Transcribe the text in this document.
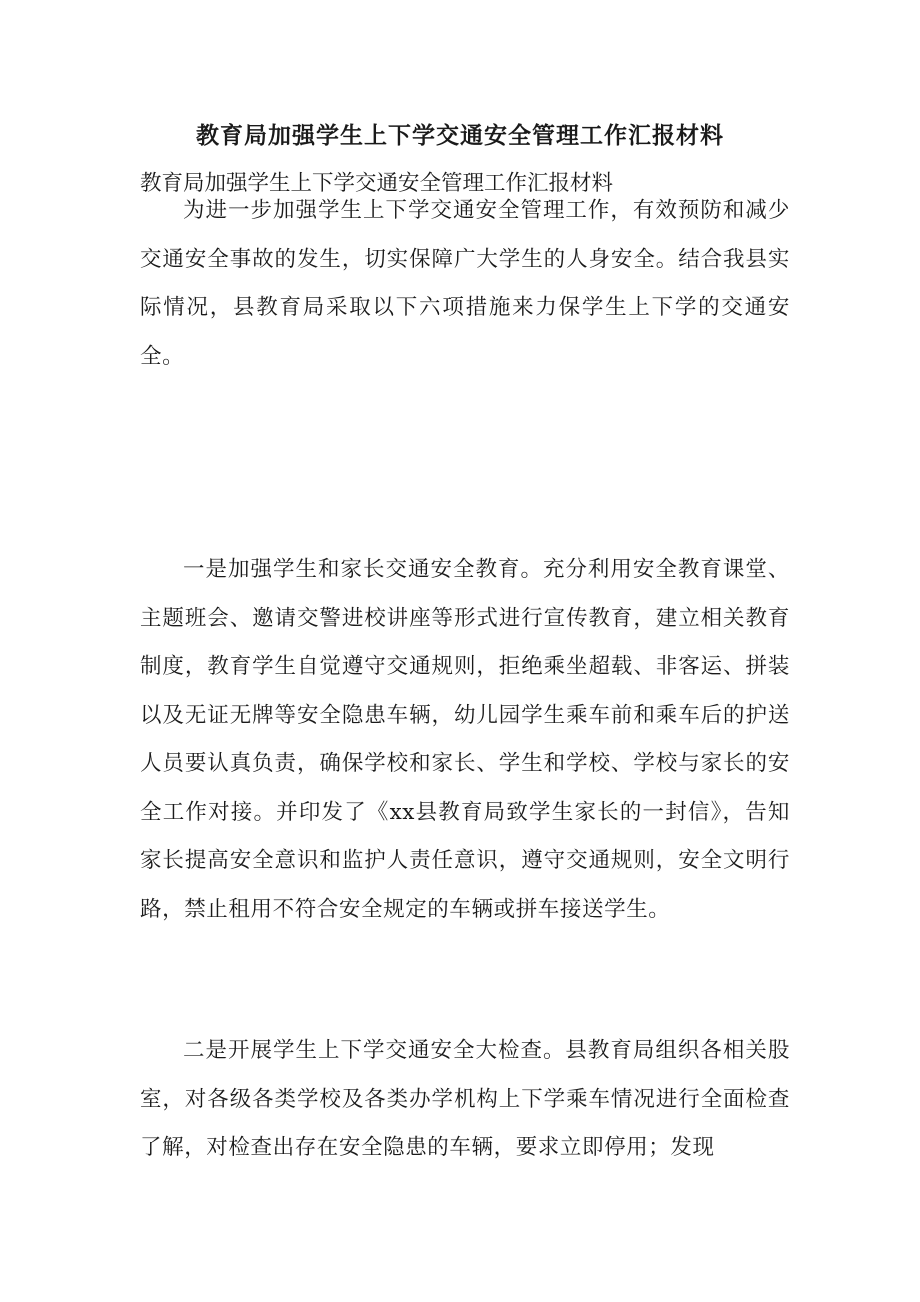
教育局加强学生上下学交通安全管理工作汇报材料

教育局加强学生上下学交通安全管理工作汇报材料

为进一步加强学生上下学交通安全管理工作，有效预防和减少交通安全事故的发生，切实保障广大学生的人身安全。结合我县实际情况，县教育局采取以下六项措施来力保学生上下学的交通安全。

一是加强学生和家长交通安全教育。充分利用安全教育课堂、主题班会、邀请交警进校讲座等形式进行宣传教育，建立相关教育制度，教育学生自觉遵守交通规则，拒绝乘坐超载、非客运、拼装以及无证无牌等安全隐患车辆，幼儿园学生乘车前和乘车后的护送人员要认真负责，确保学校和家长、学生和学校、学校与家长的安全工作对接。并印发了《xx县教育局致学生家长的一封信》，告知家长提高安全意识和监护人责任意识，遵守交通规则，安全文明行路，禁止租用不符合安全规定的车辆或拼车接送学生。

二是开展学生上下学交通安全大检查。县教育局组织各相关股室，对各级各类学校及各类办学机构上下学乘车情况进行全面检查了解，对检查出存在安全隐患的车辆，要求立即停用；发现
